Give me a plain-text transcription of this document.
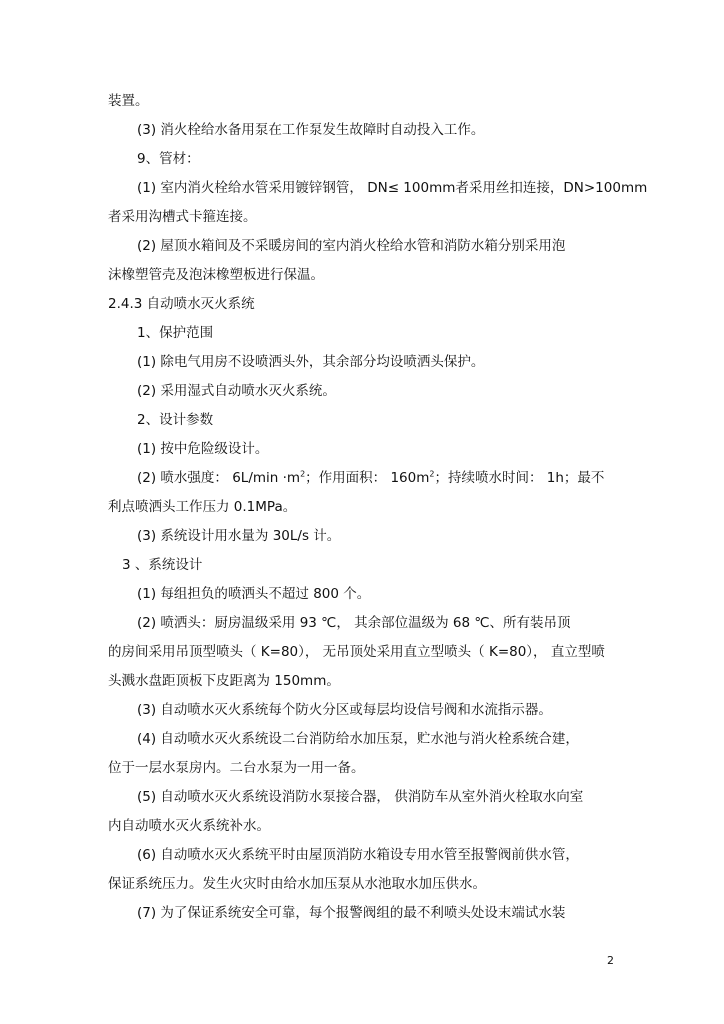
装置。
(3) 消火栓给水备用泵在工作泵发生故障时自动投入工作。
9、管材：
(1) 室内消火栓给水管采用镀锌钢管， DN≤ 100mm者采用丝扣连接，DN>100mm
者采用沟槽式卡箍连接。
(2) 屋顶水箱间及不采暖房间的室内消火栓给水管和消防水箱分别采用泡
沫橡塑管壳及泡沫橡塑板进行保温。
2.4.3 自动喷水灭火系统
1、保护范围
(1) 除电气用房不设喷洒头外，其余部分均设喷洒头保护。
(2) 采用湿式自动喷水灭火系统。
2、设计参数
(1) 按中危险级设计。
(2) 喷水强度： $6L/\min \cdot m^2$；作用面积： $160m^2$；持续喷水时间： 1h；最不
利点喷洒头工作压力 0.1MPa。
(3) 系统设计用水量为 30L/s 计。
3 、系统设计
(1) 每组担负的喷洒头不超过 800 个。
(2) 喷洒头：厨房温级采用 93 ℃， 其余部位温级为 68 ℃、所有装吊顶
的房间采用吊顶型喷头（ K=80）， 无吊顶处采用直立型喷头（ K=80）， 直立型喷
头溅水盘距顶板下皮距离为 150mm。
(3) 自动喷水灭火系统每个防火分区或每层均设信号阀和水流指示器。
(4) 自动喷水灭火系统设二台消防给水加压泵，贮水池与消火栓系统合建，
位于一层水泵房内。二台水泵为一用一备。
(5) 自动喷水灭火系统设消防水泵接合器， 供消防车从室外消火栓取水向室
内自动喷水灭火系统补水。
(6) 自动喷水灭火系统平时由屋顶消防水箱设专用水管至报警阀前供水管，
保证系统压力。发生火灾时由给水加压泵从水池取水加压供水。
(7) 为了保证系统安全可靠，每个报警阀组的最不利喷头处设末端试水装
2
